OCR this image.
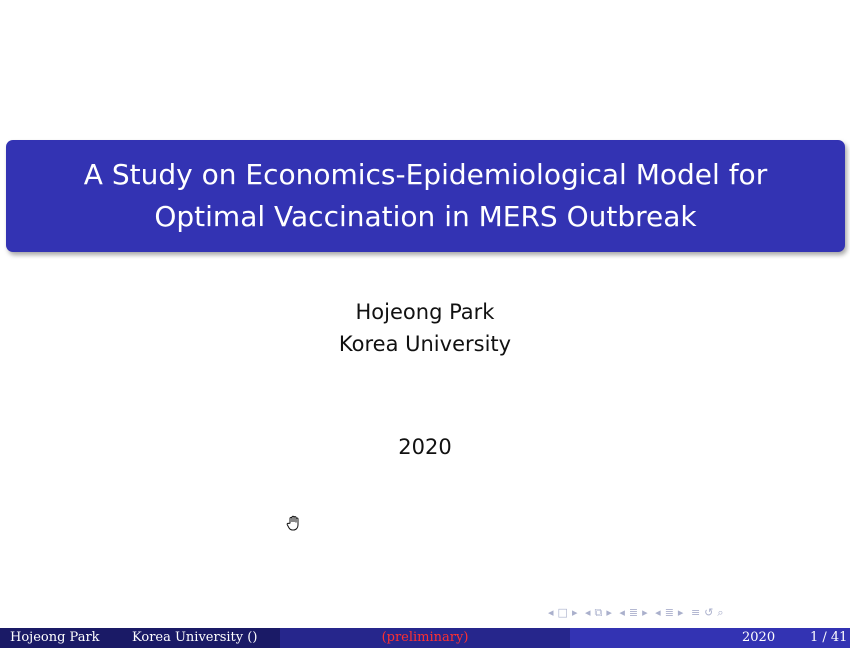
A Study on Economics-Epidemiological Model for
Optimal Vaccination in MERS Outbreak
Hojeong Park
Korea University
2020
◂ □ ▸ ◂ ⧉ ▸ ◂ ≣ ▸ ◂ ≣ ▸ ≡ ↺ ⌕
Hojeong Park Korea University ()	(preliminary)	2020	1 / 41
